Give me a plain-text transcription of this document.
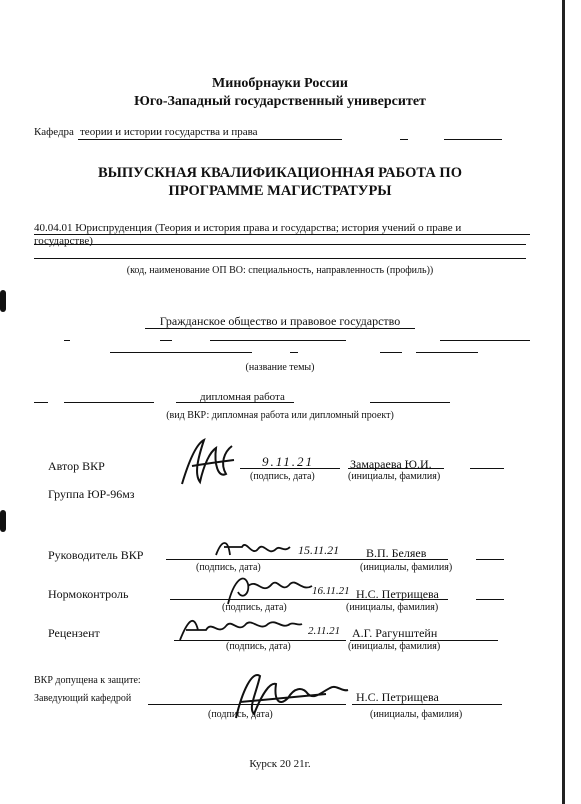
Минобрнауки России
Юго-Западный государственный университет
Кафедра теории и истории государства и права
ВЫПУСКНАЯ КВАЛИФИКАЦИОННАЯ РАБОТА ПО
ПРОГРАММЕ МАГИСТРАТУРЫ
40.04.01 Юриспруденция (Теория и история права и государства; история учений о праве и
государстве)
(код, наименование ОП ВО: специальность, направленность (профиль))
Гражданское общество и правовое государство
(название темы)
дипломная работа
(вид ВКР: дипломная работа или дипломный проект)
Автор ВКР	9.11.21	Замараева Ю.И.
(подпись, дата)	(инициалы, фамилия)
Группа ЮР-96мз
Руководитель ВКР	15.11.21 В.П. Беляев
(подпись, дата)	(инициалы, фамилия)
Нормоконтроль	16.11.21 Н.С. Петрищева
(подпись, дата)	(инициалы, фамилия)
Рецензент	2.11.21 А.Г. Рагунштейн
(подпись, дата)	(инициалы, фамилия)
ВКР допущена к защите:
Заведующий кафедрой	Н.С. Петрищева
(подпись, дата)	(инициалы, фамилия)
Курск 20 21г.
